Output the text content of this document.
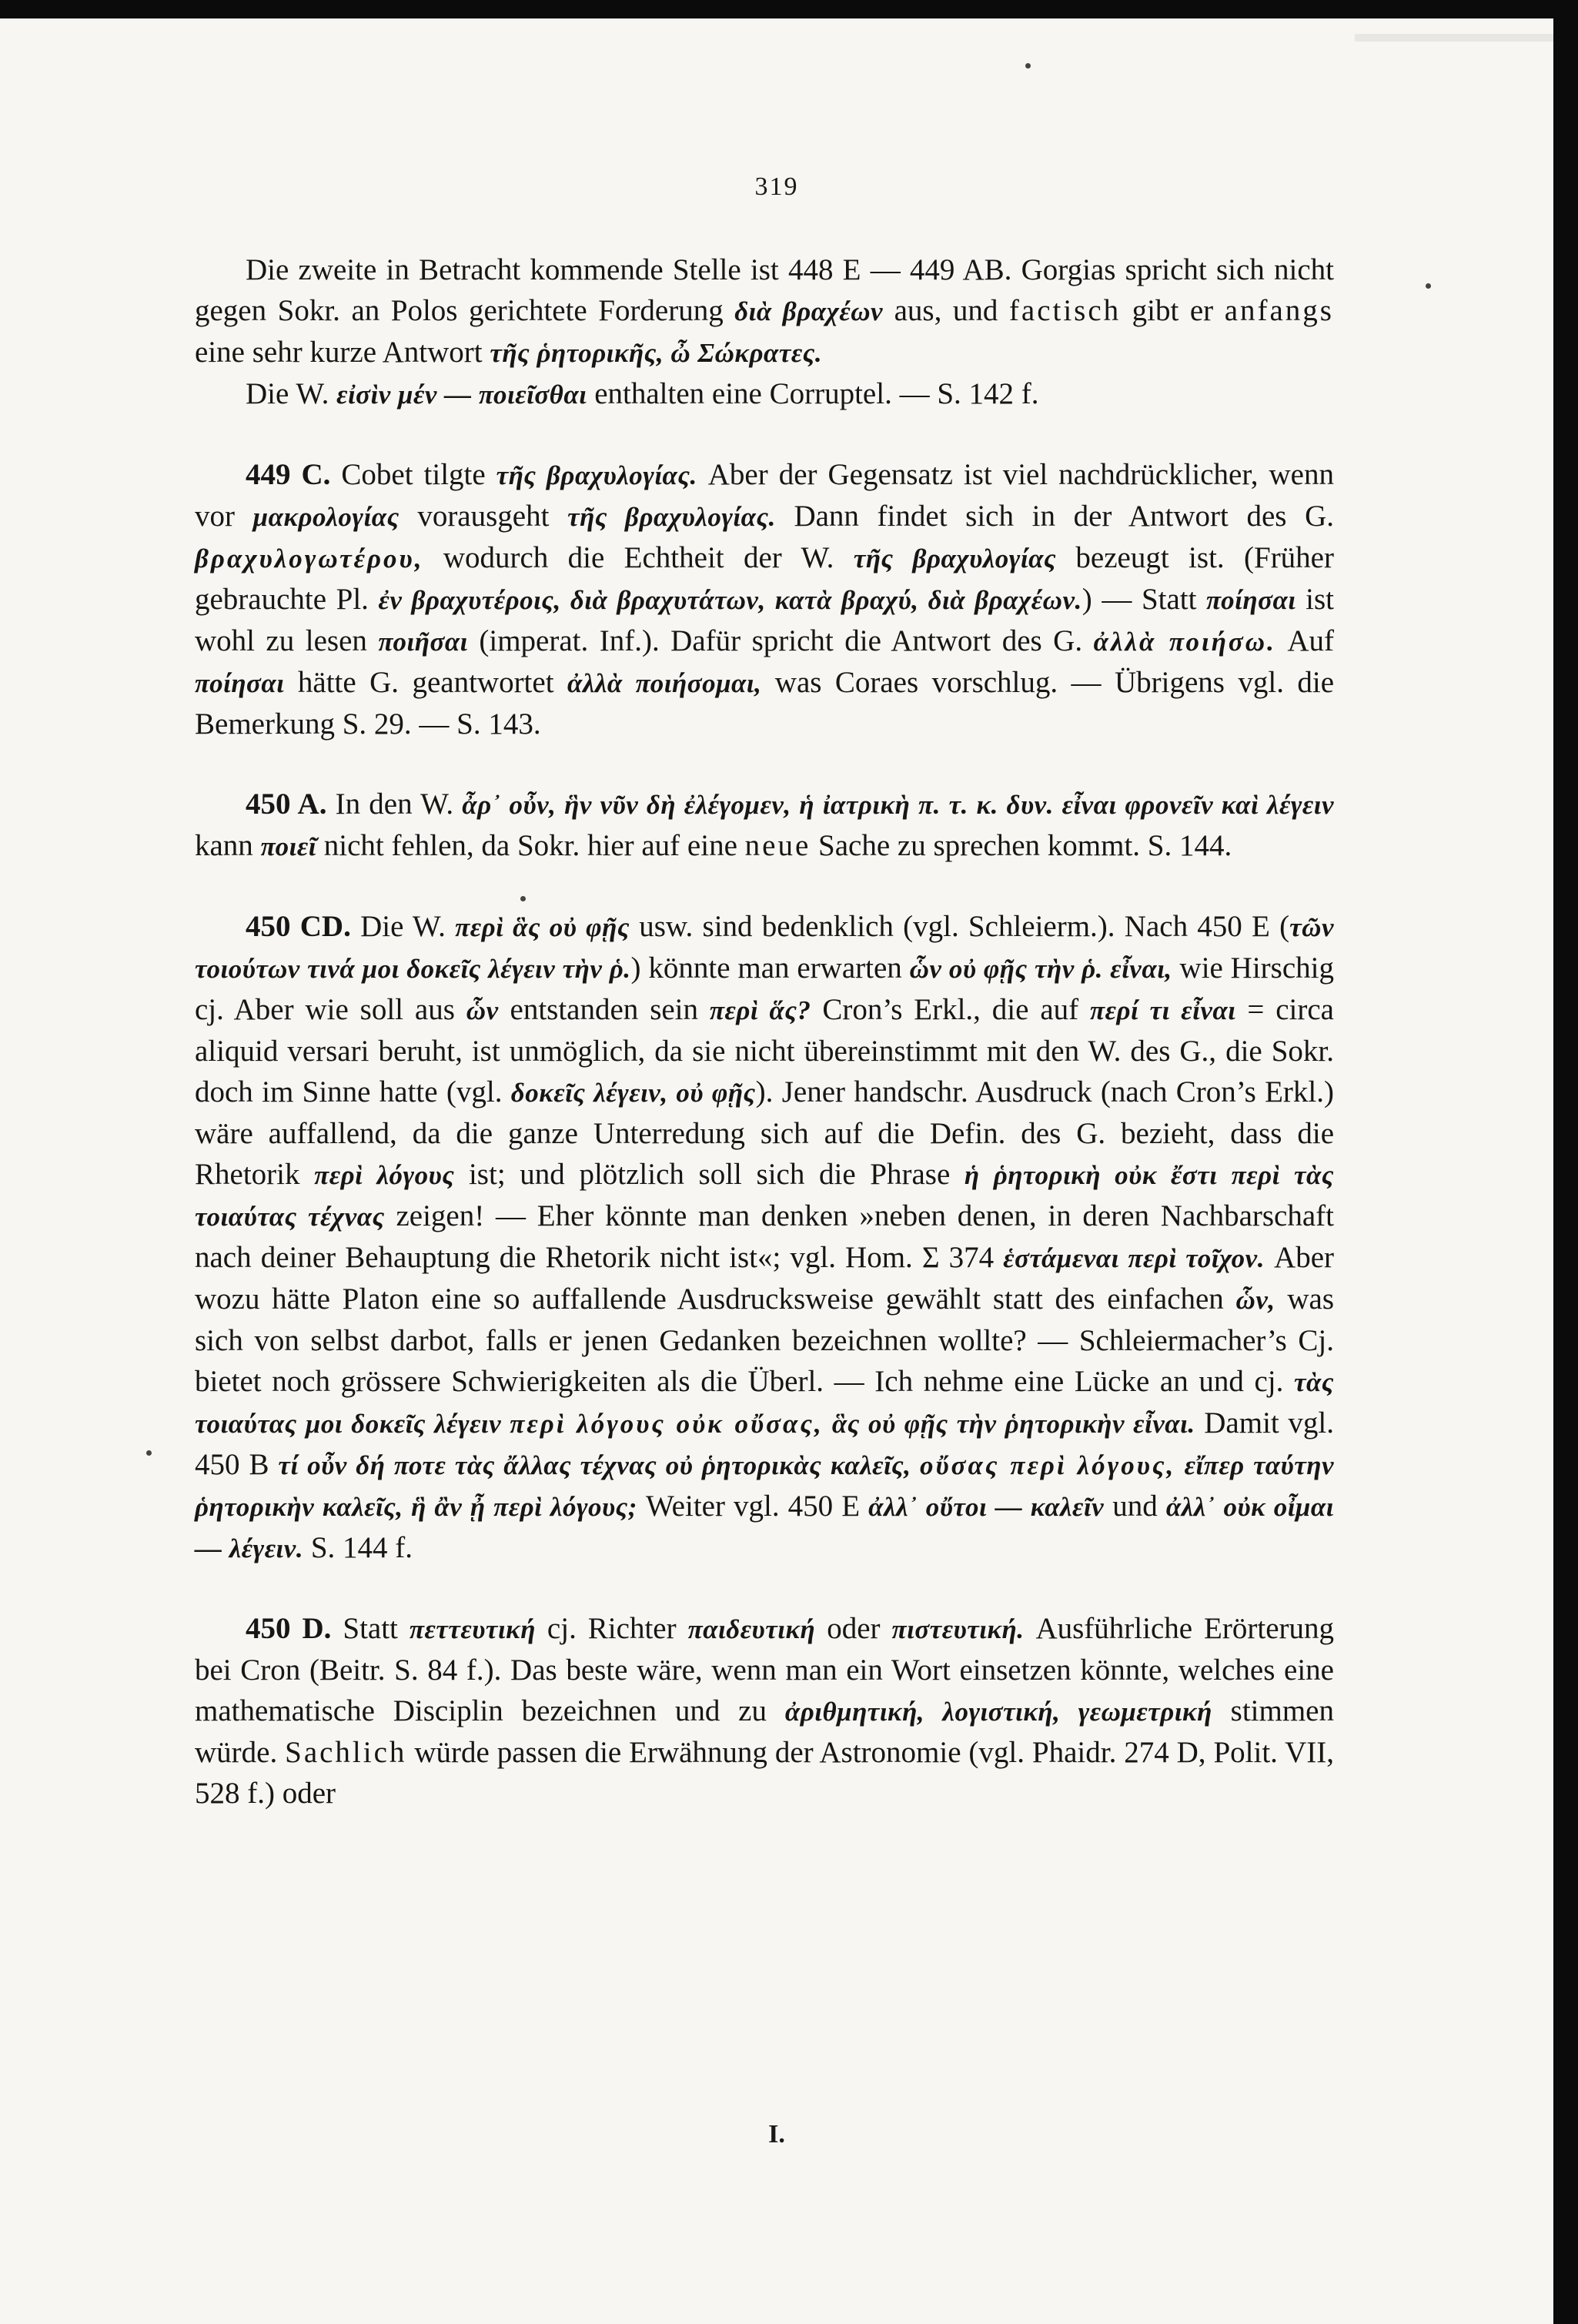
319

Die zweite in Betracht kommende Stelle ist 448 E — 449 AB. Gorgias spricht sich nicht gegen Sokr. an Polos gerichtete Forderung διὰ βραχέων aus, und factisch gibt er anfangs eine sehr kurze Antwort τῆς ῥητορικῆς, ὦ Σώκρατες.

Die W. εἰσὶν μέν — ποιεῖσθαι enthalten eine Corruptel. — S. 142 f.

449 C. Cobet tilgte τῆς βραχυλογίας. Aber der Gegensatz ist viel nachdrücklicher, wenn vor μακρολογίας vorausgeht τῆς βραχυλογίας. Dann findet sich in der Antwort des G. βραχυλογωτέρου, wodurch die Echtheit der W. τῆς βραχυλογίας bezeugt ist. (Früher gebrauchte Pl. ἐν βραχυτέροις, διὰ βραχυτάτων, κατὰ βραχύ, διὰ βραχέων.) — Statt ποίησαι ist wohl zu lesen ποιῆσαι (imperat. Inf.). Dafür spricht die Antwort des G. ἀλλὰ ποιήσω. Auf ποίησαι hätte G. geantwortet ἀλλὰ ποιήσομαι, was Coraes vorschlug. — Übrigens vgl. die Bemerkung S. 29. — S. 143.

450 A. In den W. ἆρ᾽ οὖν, ἣν νῦν δὴ ἐλέγομεν, ἡ ἰατρικὴ π. τ. κ. δυν. εἶναι φρονεῖν καὶ λέγειν kann ποιεῖ nicht fehlen, da Sokr. hier auf eine neue Sache zu sprechen kommt. S. 144.

450 CD. Die W. περὶ ἃς οὐ φῇς usw. sind bedenklich (vgl. Schleierm.). Nach 450 E (τῶν τοιούτων τινά μοι δοκεῖς λέγειν τὴν ῥ.) könnte man erwarten ὧν οὐ φῇς τὴν ῥ. εἶναι, wie Hirschig cj. Aber wie soll aus ὧν entstanden sein περὶ ἅς? Cron’s Erkl., die auf περί τι εἶναι = circa aliquid versari beruht, ist unmöglich, da sie nicht übereinstimmt mit den W. des G., die Sokr. doch im Sinne hatte (vgl. δοκεῖς λέγειν, οὐ φῇς). Jener handschr. Ausdruck (nach Cron’s Erkl.) wäre auffallend, da die ganze Unterredung sich auf die Defin. des G. bezieht, dass die Rhetorik περὶ λόγους ist; und plötzlich soll sich die Phrase ἡ ῥητορικὴ οὐκ ἔστι περὶ τὰς τοιαύτας τέχνας zeigen! — Eher könnte man denken »neben denen, in deren Nachbarschaft nach deiner Behauptung die Rhetorik nicht ist«; vgl. Hom. Σ 374 ἑστάμεναι περὶ τοῖχον. Aber wozu hätte Platon eine so auffallende Ausdrucksweise gewählt statt des einfachen ὧν, was sich von selbst darbot, falls er jenen Gedanken bezeichnen wollte? — Schleiermacher’s Cj. bietet noch grössere Schwierigkeiten als die Überl. — Ich nehme eine Lücke an und cj. τὰς τοιαύτας μοι δοκεῖς λέγειν περὶ λόγους οὐκ οὔσας, ἃς οὐ φῇς τὴν ῥητορικὴν εἶναι. Damit vgl. 450 B τί οὖν δή ποτε τὰς ἄλλας τέχνας οὐ ῥητορικὰς καλεῖς, οὔσας περὶ λόγους, εἴπερ ταύτην ῥητορικὴν καλεῖς, ἣ ἂν ᾖ περὶ λόγους; Weiter vgl. 450 E ἀλλ᾽ οὔτοι — καλεῖν und ἀλλ᾽ οὐκ οἶμαι — λέγειν. S. 144 f.

450 D. Statt πεττευτική cj. Richter παιδευτική oder πιστευτική. Ausführliche Erörterung bei Cron (Beitr. S. 84 f.). Das beste wäre, wenn man ein Wort einsetzen könnte, welches eine mathematische Disciplin bezeichnen und zu ἀριθμητική, λογιστική, γεωμετρική stimmen würde. Sachlich würde passen die Erwähnung der Astronomie (vgl. Phaidr. 274 D, Polit. VII, 528 f.) oder

I.
